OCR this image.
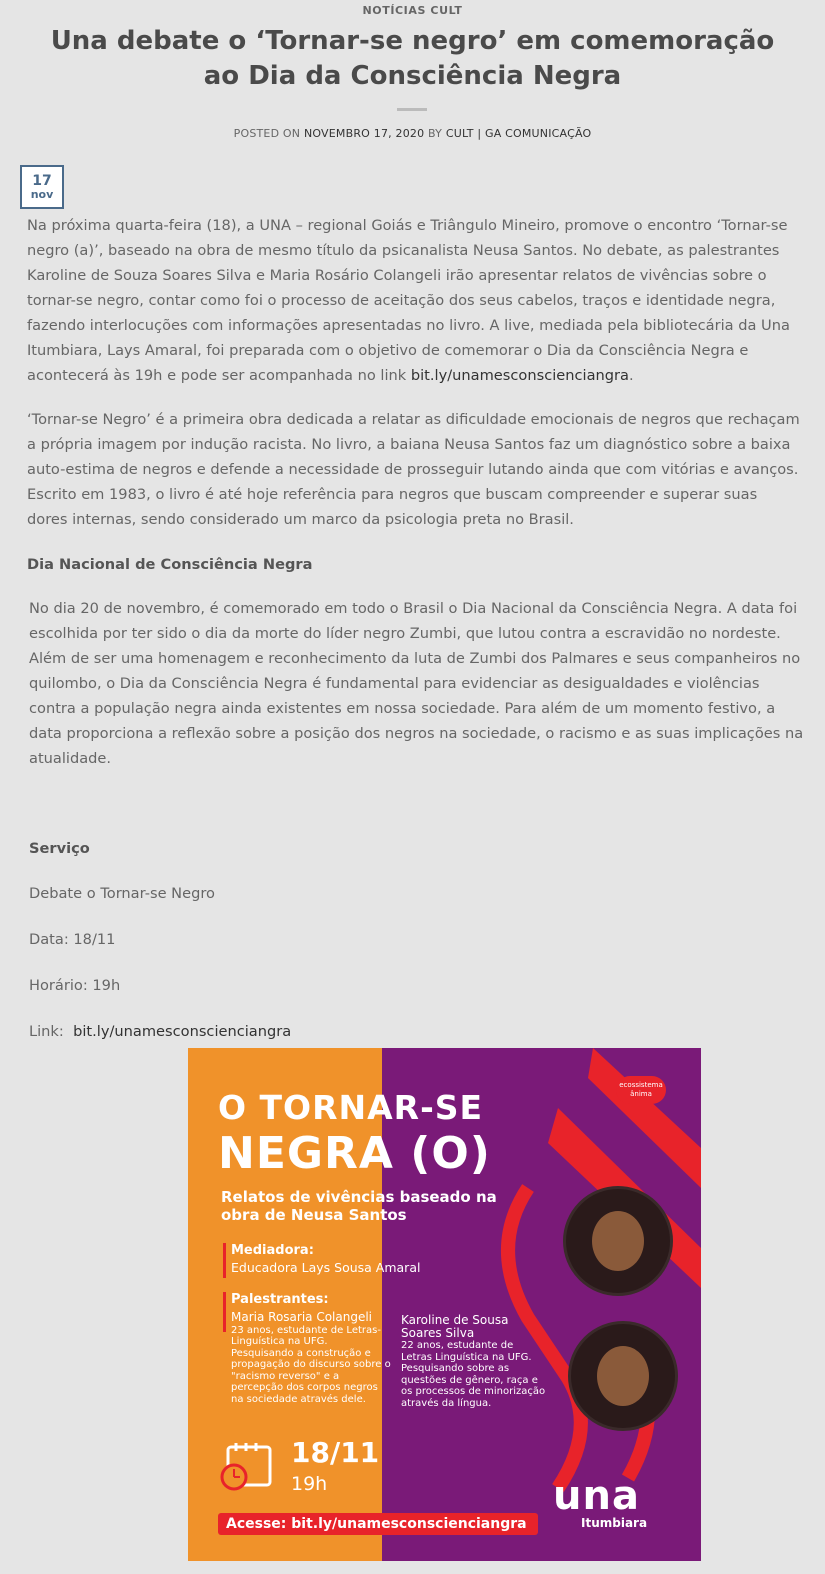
NOTÍCIAS CULT
Una debate o ‘Tornar-se negro’ em comemoração ao Dia da Consciência Negra
POSTED ON NOVEMBRO 17, 2020 BY CULT | GA COMUNICAÇÃO
17
nov
Na próxima quarta-feira (18), a UNA – regional Goiás e Triângulo Mineiro, promove o encontro ‘Tornar-se negro (a)’, baseado na obra de mesmo título da psicanalista Neusa Santos. No debate, as palestrantes Karoline de Souza Soares Silva e Maria Rosário Colangeli irão apresentar relatos de vivências sobre o tornar-se negro, contar como foi o processo de aceitação dos seus cabelos, traços e identidade negra, fazendo interlocuções com informações apresentadas no livro. A live, mediada pela bibliotecária da Una Itumbiara, Lays Amaral, foi preparada com o objetivo de comemorar o Dia da Consciência Negra e acontecerá às 19h e pode ser acompanhada no link bit.ly/unamesconscienciangra.
‘Tornar-se Negro’ é a primeira obra dedicada a relatar as dificuldade emocionais de negros que rechaçam a própria imagem por indução racista. No livro, a baiana Neusa Santos faz um diagnóstico sobre a baixa auto-estima de negros e defende a necessidade de prosseguir lutando ainda que com vitórias e avanços. Escrito em 1983, o livro é até hoje referência para negros que buscam compreender e superar suas dores internas, sendo considerado um marco da psicologia preta no Brasil.
Dia Nacional de Consciência Negra
No dia 20 de novembro, é comemorado em todo o Brasil o Dia Nacional da Consciência Negra. A data foi escolhida por ter sido o dia da morte do líder negro Zumbi, que lutou contra a escravidão no nordeste. Além de ser uma homenagem e reconhecimento da luta de Zumbi dos Palmares e seus companheiros no quilombo, o Dia da Consciência Negra é fundamental para evidenciar as desigualdades e violências contra a população negra ainda existentes em nossa sociedade. Para além de um momento festivo, a data proporciona a reflexão sobre a posição dos negros na sociedade, o racismo e as suas implicações na atualidade.
Serviço
Debate o Tornar-se Negro
Data: 18/11
Horário: 19h
Link: bit.ly/unamesconscienciangra
ecossistema ânima
O TORNAR-SE
NEGRA (O)
Relatos de vivências baseado na obra de Neusa Santos
Mediadora:
Educadora Lays Sousa Amaral
Palestrantes:
Maria Rosaria Colangeli
23 anos, estudante de Letras-Linguística na UFG. Pesquisando a construção e propagação do discurso sobre o "racismo reverso" e a percepção dos corpos negros na sociedade através dele.
Karoline de Sousa Soares Silva
22 anos, estudante de Letras Linguística na UFG. Pesquisando sobre as questões de gênero, raça e os processos de minorização através da língua.
18/11
19h
Acesse: bit.ly/unamesconscienciangra
una
Itumbiara
